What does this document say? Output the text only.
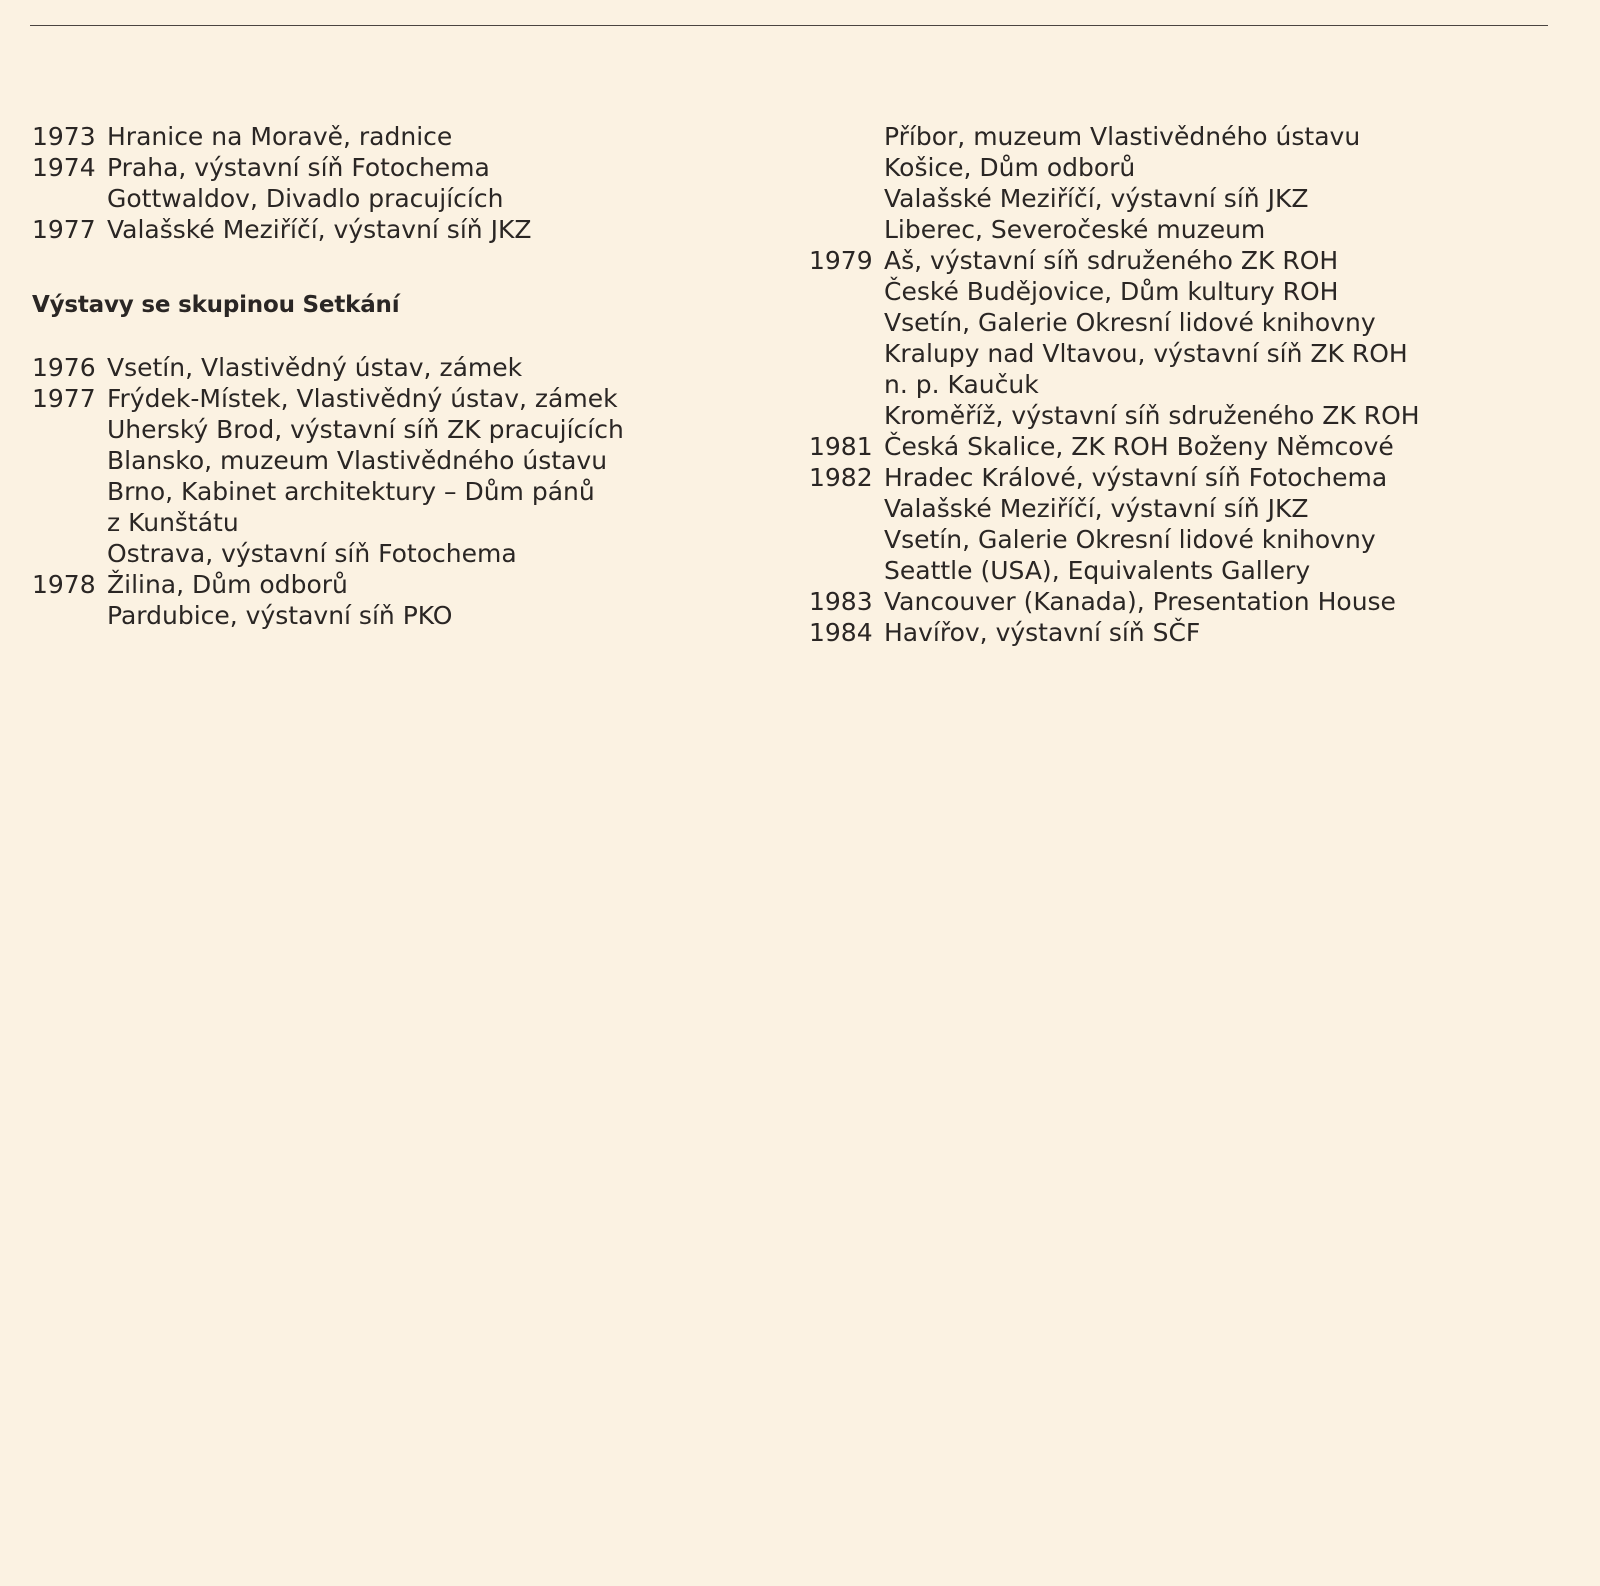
1973 Hranice na Moravě, radnice
1974 Praha, výstavní síň Fotochema
Gottwaldov, Divadlo pracujících
1977 Valašské Meziříčí, výstavní síň JKZ
Výstavy se skupinou Setkání
1976 Vsetín, Vlastivědný ústav, zámek
1977 Frýdek-Místek, Vlastivědný ústav, zámek
Uherský Brod, výstavní síň ZK pracujících
Blansko, muzeum Vlastivědného ústavu
Brno, Kabinet architektury – Dům pánů
z Kunštátu
Ostrava, výstavní síň Fotochema
1978 Žilina, Dům odborů
Pardubice, výstavní síň PKO
Příbor, muzeum Vlastivědného ústavu
Košice, Dům odborů
Valašské Meziříčí, výstavní síň JKZ
Liberec, Severočeské muzeum
1979 Aš, výstavní síň sdruženého ZK ROH
České Budějovice, Dům kultury ROH
Vsetín, Galerie Okresní lidové knihovny
Kralupy nad Vltavou, výstavní síň ZK ROH
n. p. Kaučuk
Kroměříž, výstavní síň sdruženého ZK ROH
1981 Česká Skalice, ZK ROH Boženy Němcové
1982 Hradec Králové, výstavní síň Fotochema
Valašské Meziříčí, výstavní síň JKZ
Vsetín, Galerie Okresní lidové knihovny
Seattle (USA), Equivalents Gallery
1983 Vancouver (Kanada), Presentation House
1984 Havířov, výstavní síň SČF
